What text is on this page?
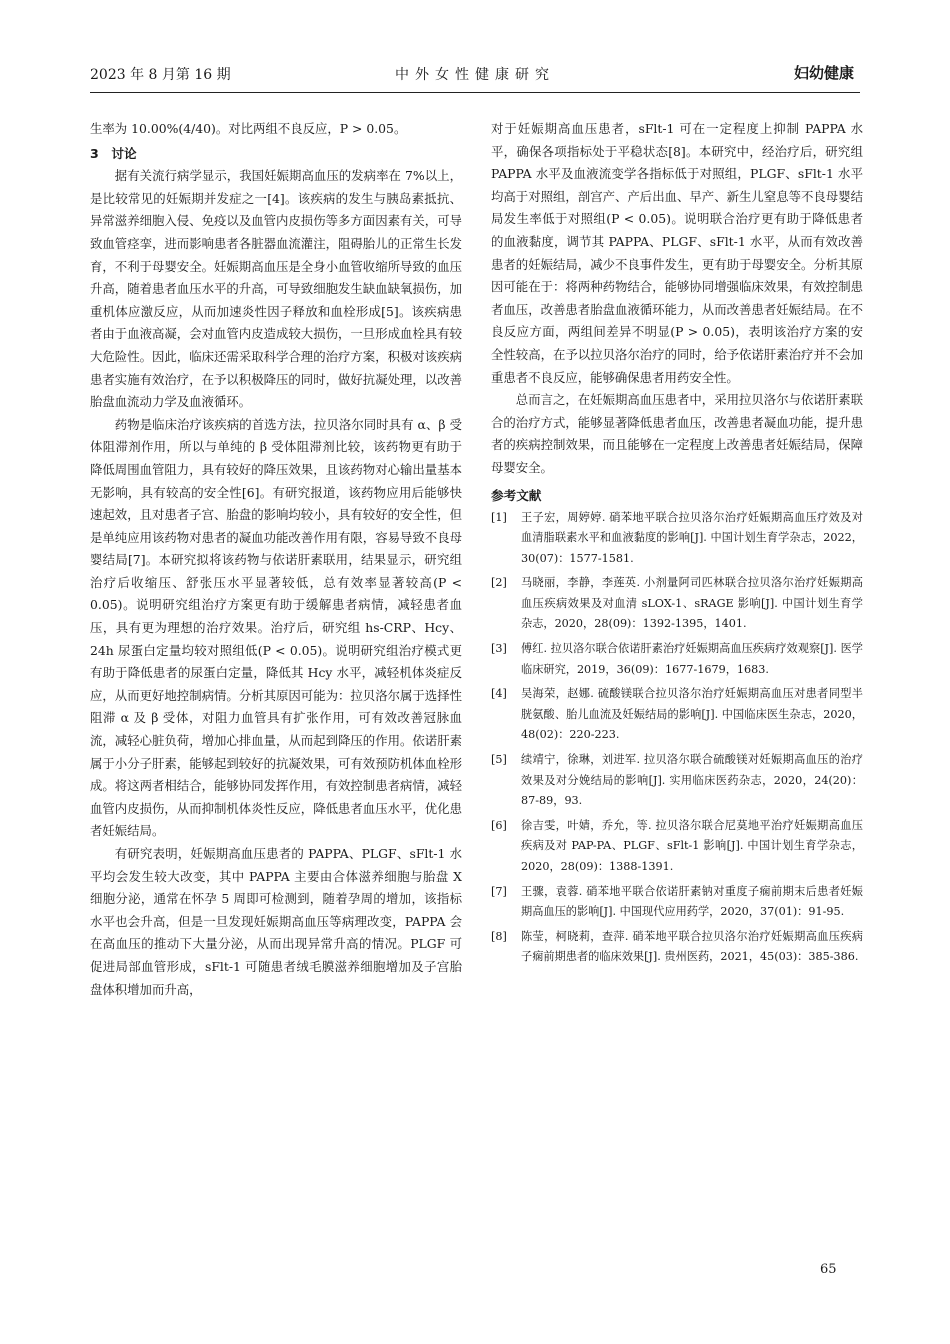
2023 年 8 月第 16 期	中外女性健康研究	妇幼健康

生率为 10.00%(4/40)。对比两组不良反应，P > 0.05。

3　讨论

据有关流行病学显示，我国妊娠期高血压的发病率在 7%以上，是比较常见的妊娠期并发症之一[4]。该疾病的发生与胰岛素抵抗、异常滋养细胞入侵、免疫以及血管内皮损伤等多方面因素有关，可导致血管痉挛，进而影响患者各脏器血流灌注，阻碍胎儿的正常生长发育，不利于母婴安全。妊娠期高血压是全身小血管收缩所导致的血压升高，随着患者血压水平的升高，可导致细胞发生缺血缺氧损伤，加重机体应激反应，从而加速炎性因子释放和血栓形成[5]。该疾病患者由于血液高凝，会对血管内皮造成较大损伤，一旦形成血栓具有较大危险性。因此，临床还需采取科学合理的治疗方案，积极对该疾病患者实施有效治疗，在予以积极降压的同时，做好抗凝处理，以改善胎盘血流动力学及血液循环。

药物是临床治疗该疾病的首选方法，拉贝洛尔同时具有 α、β 受体阻滞剂作用，所以与单纯的 β 受体阻滞剂比较，该药物更有助于降低周围血管阻力，具有较好的降压效果，且该药物对心输出量基本无影响，具有较高的安全性[6]。有研究报道，该药物应用后能够快速起效，且对患者子宫、胎盘的影响均较小，具有较好的安全性，但是单纯应用该药物对患者的凝血功能改善作用有限，容易导致不良母婴结局[7]。本研究拟将该药物与依诺肝素联用，结果显示，研究组治疗后收缩压、舒张压水平显著较低，总有效率显著较高(P < 0.05)。说明研究组治疗方案更有助于缓解患者病情，减轻患者血压，具有更为理想的治疗效果。治疗后，研究组 hs-CRP、Hcy、24h 尿蛋白定量均较对照组低(P < 0.05)。说明研究组治疗模式更有助于降低患者的尿蛋白定量，降低其 Hcy 水平，减轻机体炎症反应，从而更好地控制病情。分析其原因可能为：拉贝洛尔属于选择性阻滞 α 及 β 受体，对阻力血管具有扩张作用，可有效改善冠脉血流，减轻心脏负荷，增加心排血量，从而起到降压的作用。依诺肝素属于小分子肝素，能够起到较好的抗凝效果，可有效预防机体血栓形成。将这两者相结合，能够协同发挥作用，有效控制患者病情，减轻血管内皮损伤，从而抑制机体炎性反应，降低患者血压水平，优化患者妊娠结局。

有研究表明，妊娠期高血压患者的 PAPPA、PLGF、sFlt-1 水平均会发生较大改变，其中 PAPPA 主要由合体滋养细胞与胎盘 X 细胞分泌，通常在怀孕 5 周即可检测到，随着孕周的增加，该指标水平也会升高，但是一旦发现妊娠期高血压等病理改变，PAPPA 会在高血压的推动下大量分泌，从而出现异常升高的情况。PLGF 可促进局部血管形成，sFlt-1 可随患者绒毛膜滋养细胞增加及子宫胎盘体积增加而升高，

对于妊娠期高血压患者，sFlt-1 可在一定程度上抑制 PAPPA 水平，确保各项指标处于平稳状态[8]。本研究中，经治疗后，研究组 PAPPA 水平及血液流变学各指标低于对照组，PLGF、sFlt-1 水平均高于对照组，剖宫产、产后出血、早产、新生儿窒息等不良母婴结局发生率低于对照组(P < 0.05)。说明联合治疗更有助于降低患者的血液黏度，调节其 PAPPA、PLGF、sFlt-1 水平，从而有效改善患者的妊娠结局，减少不良事件发生，更有助于母婴安全。分析其原因可能在于：将两种药物结合，能够协同增强临床效果，有效控制患者血压，改善患者胎盘血液循环能力，从而改善患者妊娠结局。在不良反应方面，两组间差异不明显(P > 0.05)，表明该治疗方案的安全性较高，在予以拉贝洛尔治疗的同时，给予依诺肝素治疗并不会加重患者不良反应，能够确保患者用药安全性。

总而言之，在妊娠期高血压患者中，采用拉贝洛尔与依诺肝素联合的治疗方式，能够显著降低患者血压，改善患者凝血功能，提升患者的疾病控制效果，而且能够在一定程度上改善患者妊娠结局，保障母婴安全。

参考文献
[1] 王子宏，周婷婷. 硝苯地平联合拉贝洛尔治疗妊娠期高血压疗效及对血清脂联素水平和血液黏度的影响[J]. 中国计划生育学杂志，2022，30(07)：1577-1581.
[2] 马晓丽，李静，李莲英. 小剂量阿司匹林联合拉贝洛尔治疗妊娠期高血压疾病效果及对血清 sLOX-1、sRAGE 影响[J]. 中国计划生育学杂志，2020，28(09)：1392-1395，1401.
[3] 傅红. 拉贝洛尔联合依诺肝素治疗妊娠期高血压疾病疗效观察[J]. 医学临床研究，2019，36(09)：1677-1679，1683.
[4] 吴海荣，赵娜. 硫酸镁联合拉贝洛尔治疗妊娠期高血压对患者同型半胱氨酸、胎儿血流及妊娠结局的影响[J]. 中国临床医生杂志，2020，48(02)：220-223.
[5] 续靖宁，徐琳，刘进军. 拉贝洛尔联合硫酸镁对妊娠期高血压的治疗效果及对分娩结局的影响[J]. 实用临床医药杂志，2020，24(20)：87-89，93.
[6] 徐吉雯，叶婧，乔允，等. 拉贝洛尔联合尼莫地平治疗妊娠期高血压疾病及对 PAP-PA、PLGF、sFlt-1 影响[J]. 中国计划生育学杂志，2020，28(09)：1388-1391.
[7] 王骤，袁蓉. 硝苯地平联合依诺肝素钠对重度子痫前期末后患者妊娠期高血压的影响[J]. 中国现代应用药学，2020，37(01)：91-95.
[8] 陈莹，柯晓莉，查萍. 硝苯地平联合拉贝洛尔治疗妊娠期高血压疾病子痫前期患者的临床效果[J]. 贵州医药，2021，45(03)：385-386.
65
